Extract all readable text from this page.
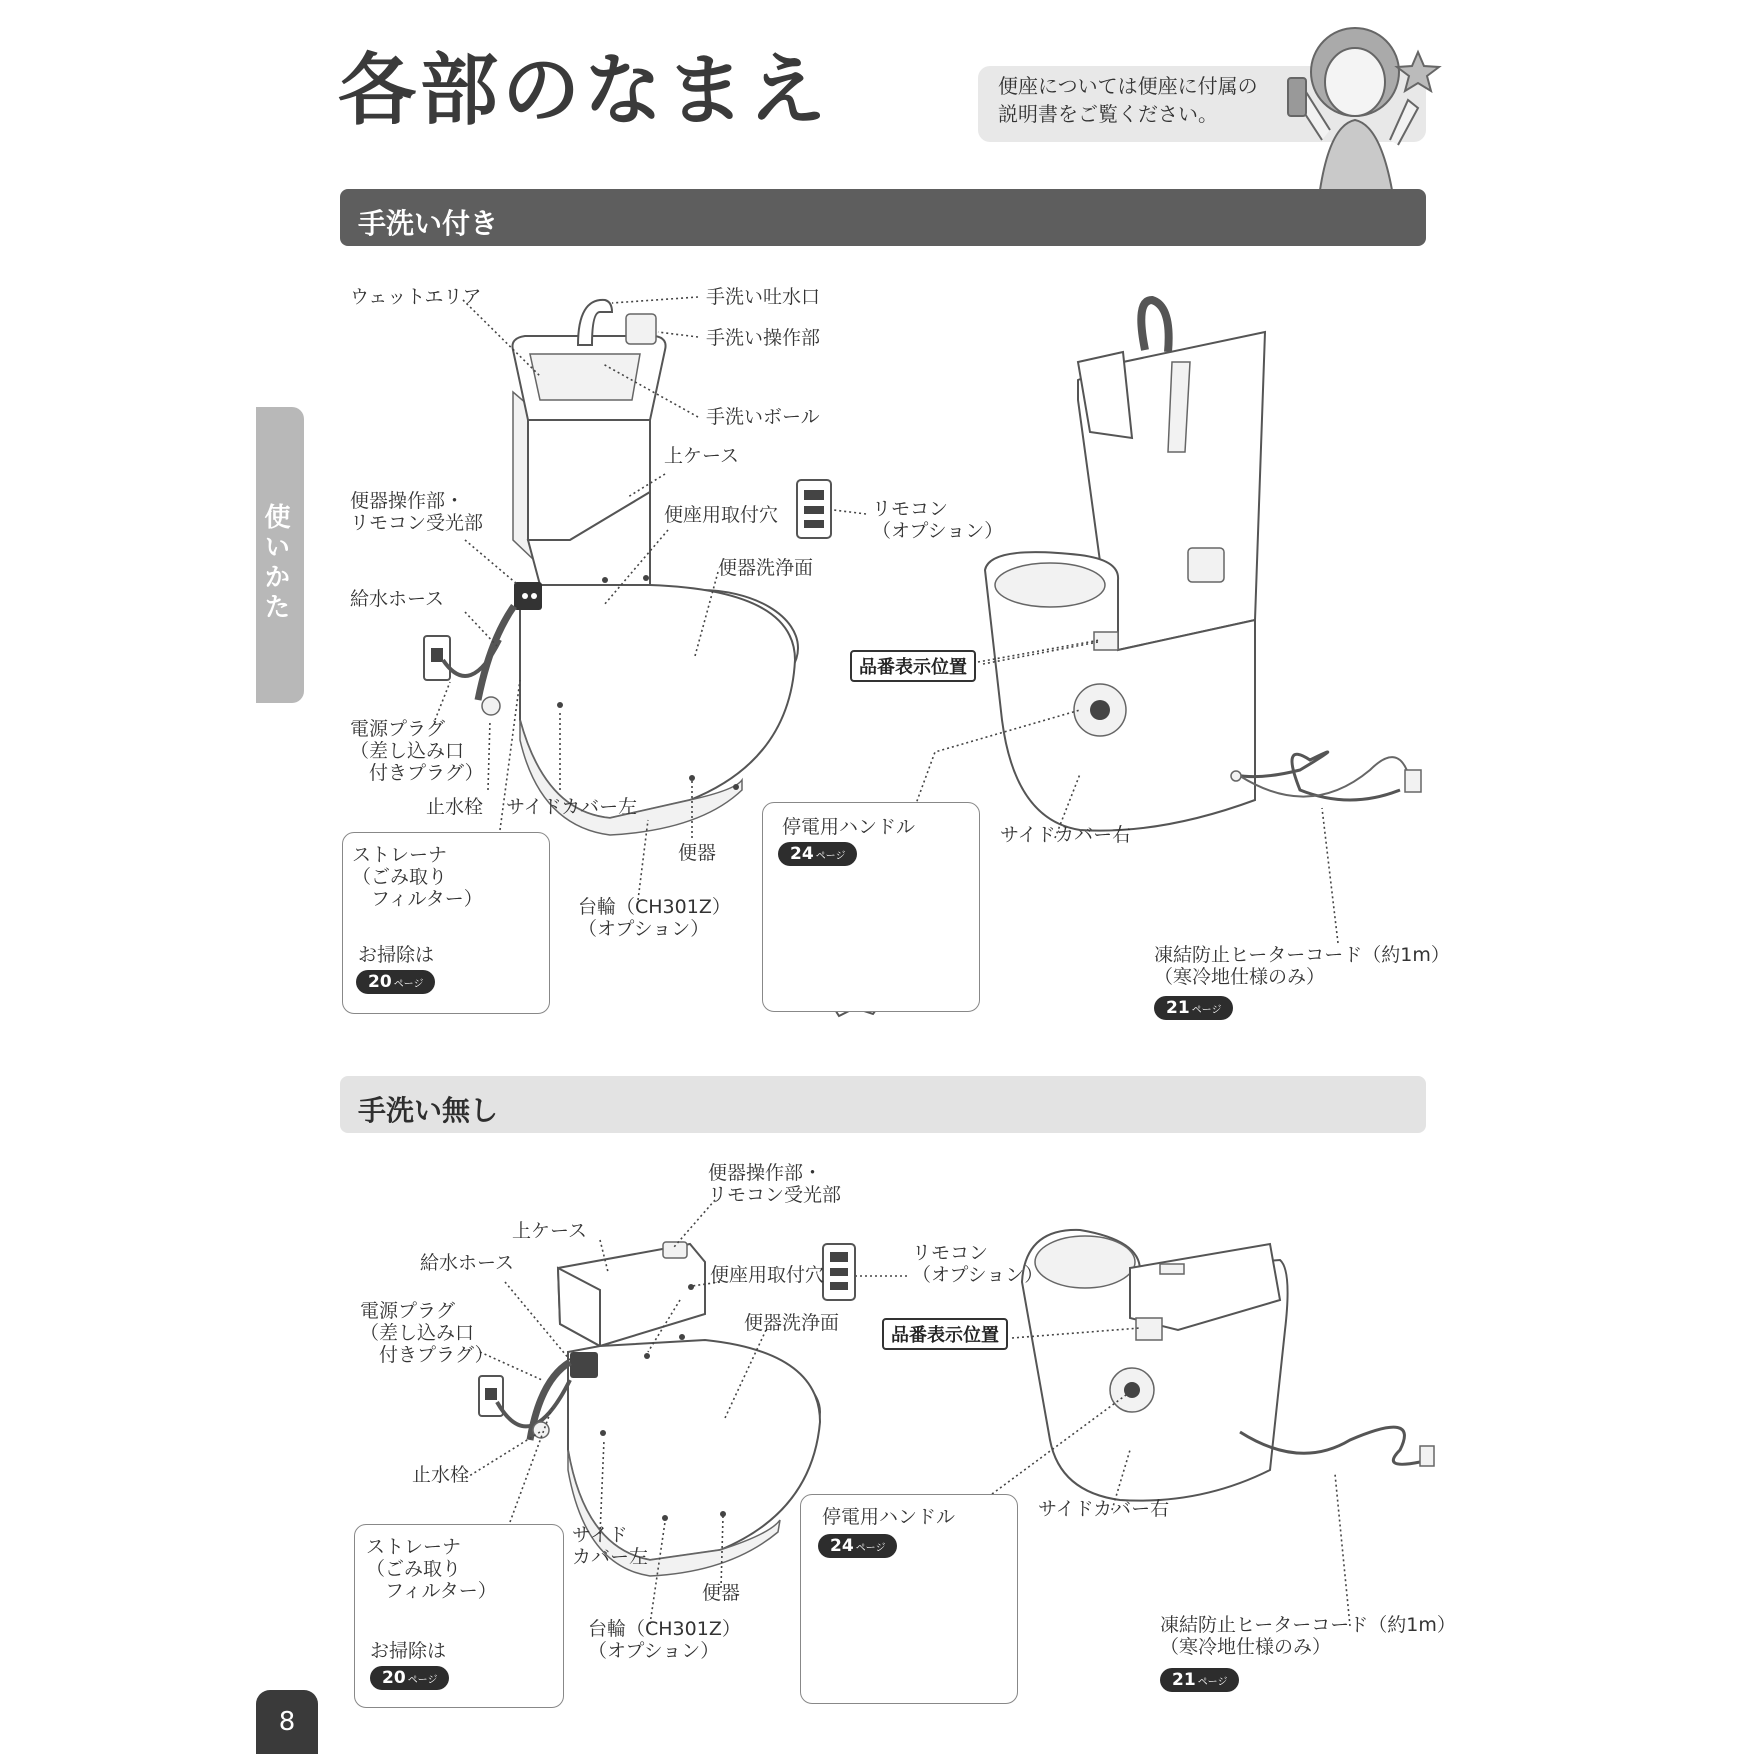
各部のなまえ	便座については便座に付属の
説明書をご覧ください。
手洗い付き
手洗い無し
使いかた
8
ストレーナ
（ごみ取り
　フィルター）
お掃除は
20 ページ
停電用ハンドル
24 ページ
ウェットエリア	手洗い吐水口
手洗い操作部
手洗いボール
上ケース
便器操作部・
リモコン受光部	便座用取付穴	リモコン
（オプション）
便器洗浄面
給水ホース
電源プラグ
（差し込み口
　付きプラグ）
止水栓 サイドカバー左
便器
台輪（CH301Z）
（オプション）
品番表示位置
サイドカバー右
凍結防止ヒーターコード（約1m）
（寒冷地仕様のみ）
21 ページ
ストレーナ
（ごみ取り
　フィルター）
お掃除は
20 ページ
停電用ハンドル
24 ページ
便器操作部・
リモコン受光部
上ケース
給水ホース
便座用取付穴
リモコン
（オプション）
電源プラグ
（差し込み口
　付きプラグ）
便器洗浄面
品番表示位置
止水栓
サイド
カバー左
便器
台輪（CH301Z）
（オプション）
サイドカバー右
凍結防止ヒーターコード（約1m）
（寒冷地仕様のみ）
21 ページ
